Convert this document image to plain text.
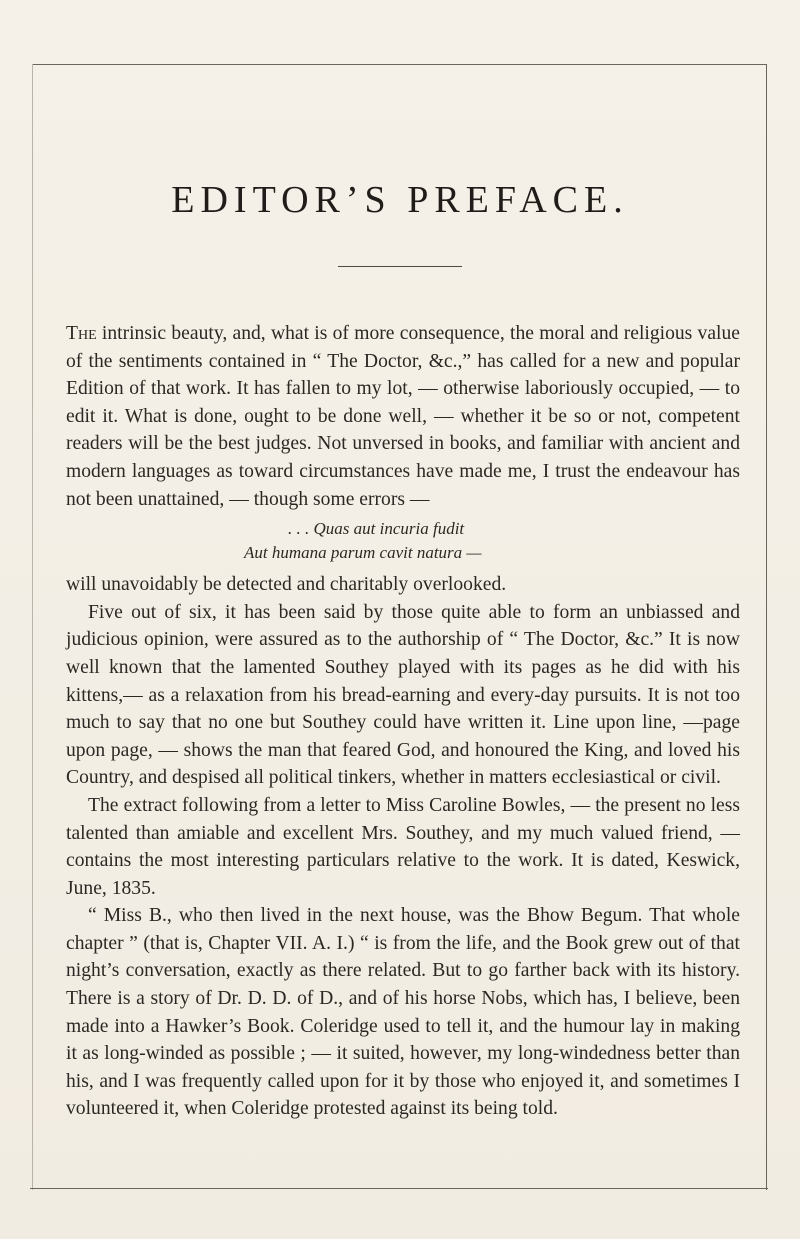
EDITOR’S PREFACE.

The intrinsic beauty, and, what is of more consequence, the moral and religious value of the sentiments contained in “ The Doctor, &c.,” has called for a new and popular Edition of that work. It has fallen to my lot, — otherwise laboriously occupied, — to edit it. What is done, ought to be done well, — whether it be so or not, competent readers will be the best judges. Not unversed in books, and familiar with ancient and modern languages as toward circumstances have made me, I trust the endeavour has not been unattained, — though some errors —

. . . Quas aut incuria fudit
Aut humana parum cavit natura —

will unavoidably be detected and charitably overlooked.

Five out of six, it has been said by those quite able to form an unbiassed and judicious opinion, were assured as to the authorship of “ The Doctor, &c.” It is now well known that the lamented Southey played with its pages as he did with his kittens,— as a relaxation from his bread-earning and every-day pursuits. It is not too much to say that no one but Southey could have written it. Line upon line, —page upon page, — shows the man that feared God, and honoured the King, and loved his Country, and despised all political tinkers, whether in matters ecclesiastical or civil.

The extract following from a letter to Miss Caroline Bowles, — the present no less talented than amiable and excellent Mrs. Southey, and my much valued friend, —contains the most interesting particulars relative to the work. It is dated, Keswick, June, 1835.

“ Miss B., who then lived in the next house, was the Bhow Begum. That whole chapter ” (that is, Chapter VII. A. I.) “ is from the life, and the Book grew out of that night’s conversation, exactly as there related. But to go farther back with its history. There is a story of Dr. D. D. of D., and of his horse Nobs, which has, I believe, been made into a Hawker’s Book. Coleridge used to tell it, and the humour lay in making it as long-winded as possible ; — it suited, however, my long-windedness better than his, and I was frequently called upon for it by those who enjoyed it, and sometimes I volunteered it, when Coleridge protested against its being told.
